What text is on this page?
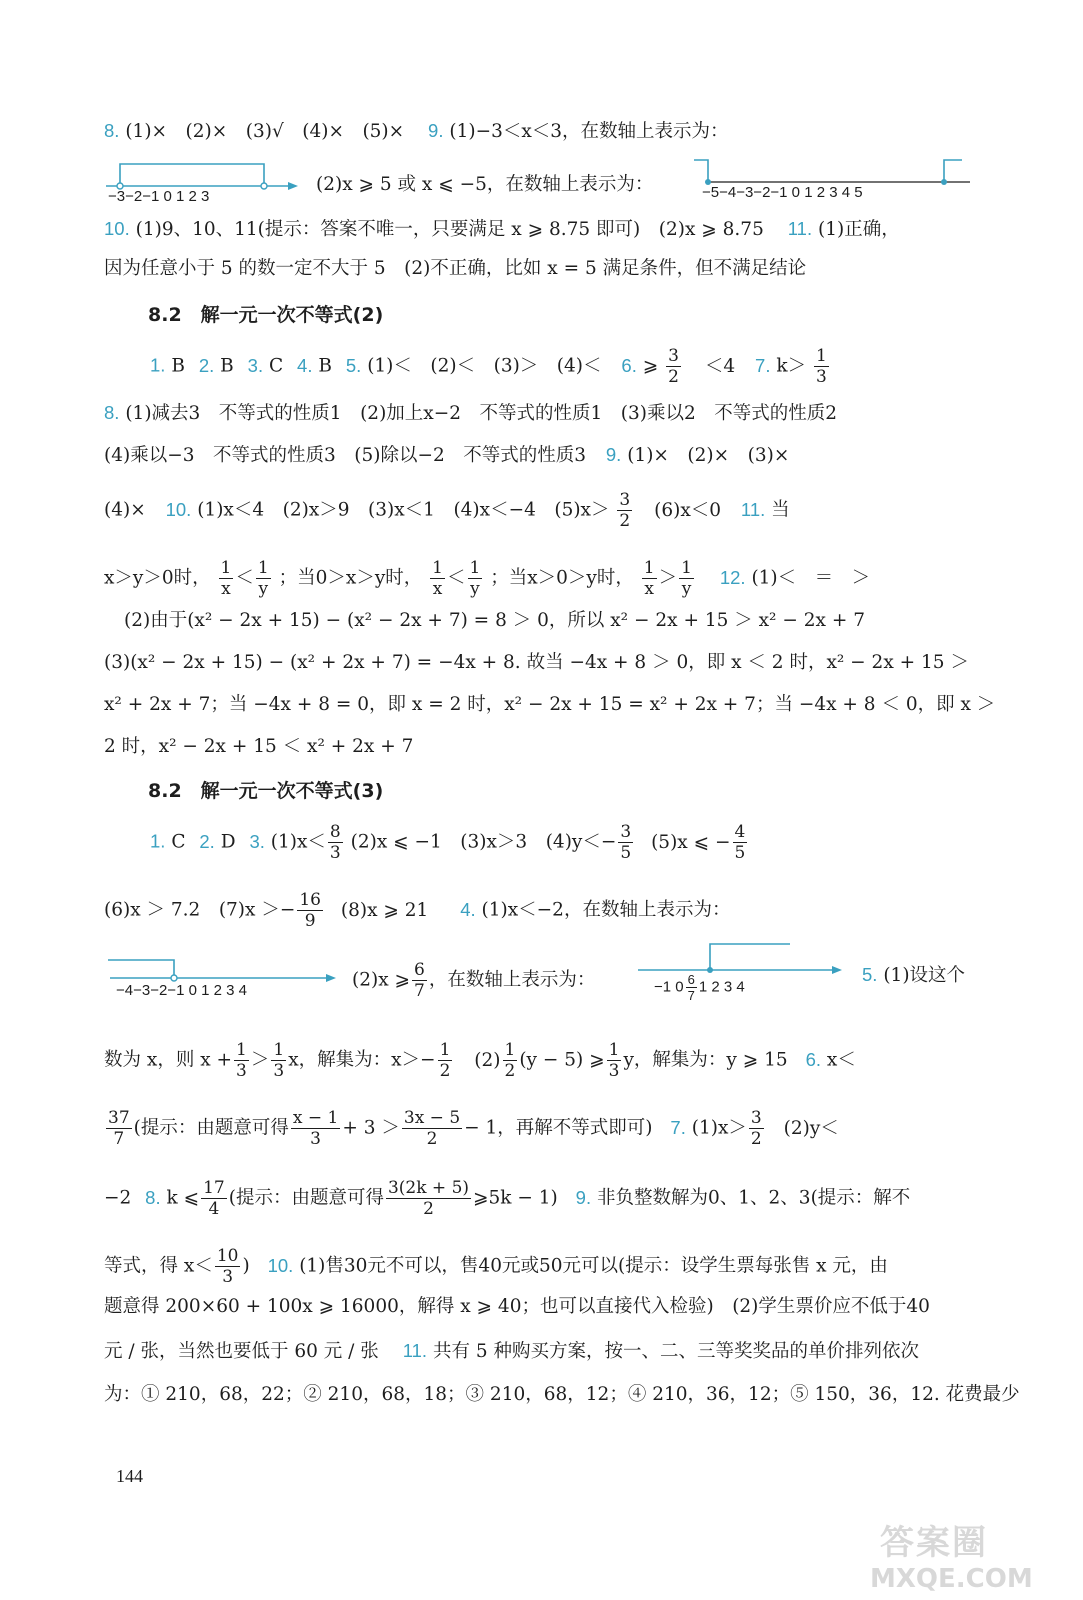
8. (1)×　(2)×　(3)√　(4)×　(5)× 9. (1)−3＜x＜3，在数轴上表示为：
−3−2−1 0 1 2 3
(2)x ⩾ 5 或 x ⩽ −5，在数轴上表示为：	−5−4−3−2−1 0 1 2 3 4 5
10. (1)9、10、11(提示：答案不唯一，只要满足 x ⩾ 8.75 即可)　(2)x ⩾ 8.75 11. (1)正确，
因为任意小于 5 的数一定不大于 5　(2)不正确，比如 x = 5 满足条件，但不满足结论
8.2　解一元一次不等式(2)
1. B 2. B 3. C 4. B 5. (1)＜　(2)＜　(3)＞　(4)＜ 6. ⩾ $\frac{3}{2} <4$ 7. $k> \frac{1}{3}$
8. (1)减去3　不等式的性质1　(2)加上x−2　不等式的性质1　(3)乘以2　不等式的性质2
(4)乘以−3　不等式的性质3　(5)除以−2　不等式的性质3 9. (1)×　(2)×　(3)×
(4)× 10. (1)x＜4　(2)x＞9　(3)x＜1　(4)x＜−4　$(5)x> \frac{3}{2} (6)x<0$ 11. 当
x＞y＞0时， $\frac{1}{x} < \frac{1}{y}$ ；当0＞x＞y时， $\frac{1}{x} < \frac{1}{y}$ ；当x＞0＞y时， $\frac{1}{x} > \frac{1}{y} 12$. (1)＜　＝　＞
(2)由于(x² − 2x + 15) − (x² − 2x + 7) = 8 ＞ 0，所以 x² − 2x + 15 ＞ x² − 2x + 7
(3)(x² − 2x + 15) − (x² + 2x + 7) = −4x + 8. 故当 −4x + 8 ＞ 0，即 x ＜ 2 时，x² − 2x + 15 ＞
x² + 2x + 7；当 −4x + 8 = 0，即 x = 2 时，x² − 2x + 15 = x² + 2x + 7；当 −4x + 8 ＜ 0，即 x ＞
2 时，x² − 2x + 15 ＜ x² + 2x + 7
8.2　解一元一次不等式(3)
1. C 2. D 3. $(1)x< \frac{8}{3} (2)x$ ⩽ −1　(3)x＞3　$(4)y<- \frac{3}{5} (5)x$ ⩽ − $\frac{4}{5}$
(6)x ＞ 7.2　$(7)x >- \frac{16}{9} (8)x$ ⩾ 21 4. (1)x＜−2，在数轴上表示为：
−4−3−2−1 0 1 2 3 4	(2)x ⩾ $\frac{6}{7}$ ，在数轴上表示为：	−1 $0 \frac{6}{7} 1$ 2 3 4
5. (1)设这个
数为 x，则 $x + \frac{1}{3} > \frac{1}{3}$ x，解集为：$x>- \frac{1}{2} (2) \frac{1}{2} (y - 5)$ ⩾ $\frac{1}{3}$ y，解集为：y ⩾ 15 6. x＜
$\frac{37}{7}$ (提示：由题意可得 $\frac{x - 1}{3} + 3 > \frac{3x - 5}{2} - 1$，再解不等式即可) 7. $(1)x> \frac{3}{2} (2)y<$
−2 8. k ⩽ $\frac{17}{4}$ (提示：由题意可得 $\frac{3(2k + 5)}{2}$ ⩾5k − 1) 9. 非负整数解为0、1、2、3(提示：解不
等式，得 $x< \frac{10}{3}$ ) 10. (1)售30元不可以，售40元或50元可以(提示：设学生票每张售 x 元，由
题意得 200×60 + 100x ⩾ 16000，解得 x ⩾ 40；也可以直接代入检验)　(2)学生票价应不低于40
元 / 张，当然也要低于 60 元 / 张 11. 共有 5 种购买方案，按一、二、三等奖奖品的单价排列依次
为：① 210，68，22；② 210，68，18；③ 210，68，12；④ 210，36，12；⑤ 150，36，12. 花费最少
144
答案圈
MXQE.COM
